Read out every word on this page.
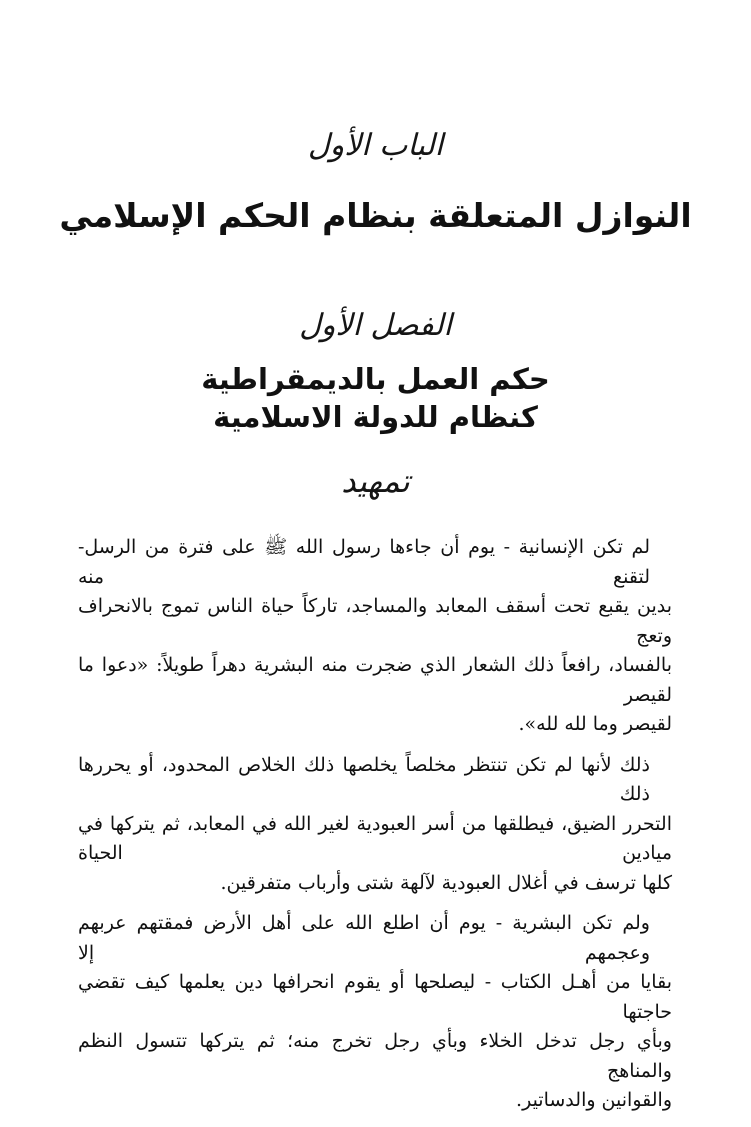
الباب الأول
النوازل المتعلقة بنظام الحكم الإسلامي
الفصل الأول
حكم العمل بالديمقراطية
كنظام للدولة الاسلامية
تمهيد

لم تكن الإنسانية - يوم أن جاءها رسول الله ﷺ على فترة من الرسل- لتقنع منه
بدين يقبع تحت أسقف المعابد والمساجد، تاركاً حياة الناس تموج بالانحراف وتعج
بالفساد، رافعاً ذلك الشعار الذي ضجرت منه البشرية دهراً طويلاً: «دعوا ما لقيصر
لقيصر وما لله لله».

ذلك لأنها لم تكن تنتظر مخلصاً يخلصها ذلك الخلاص المحدود، أو يحررها ذلك
التحرر الضيق، فيطلقها من أسر العبودية لغير الله في المعابد، ثم يتركها في ميادين الحياة
كلها ترسف في أغلال العبودية لآلهة شتى وأرباب متفرقين.

ولم تكن البشرية - يوم أن اطلع الله على أهل الأرض فمقتهم عربهم وعجمهم إلا
بقايا من أهـل الكتاب - ليصلحها أو يقوم انحرافها دين يعلمها كيف تقضي حاجتها
وبأي رجل تدخل الخلاء وبأي رجل تخرج منه؛ ثم يتركها تتسول النظم والمناهج
والقوانين والدساتير.
